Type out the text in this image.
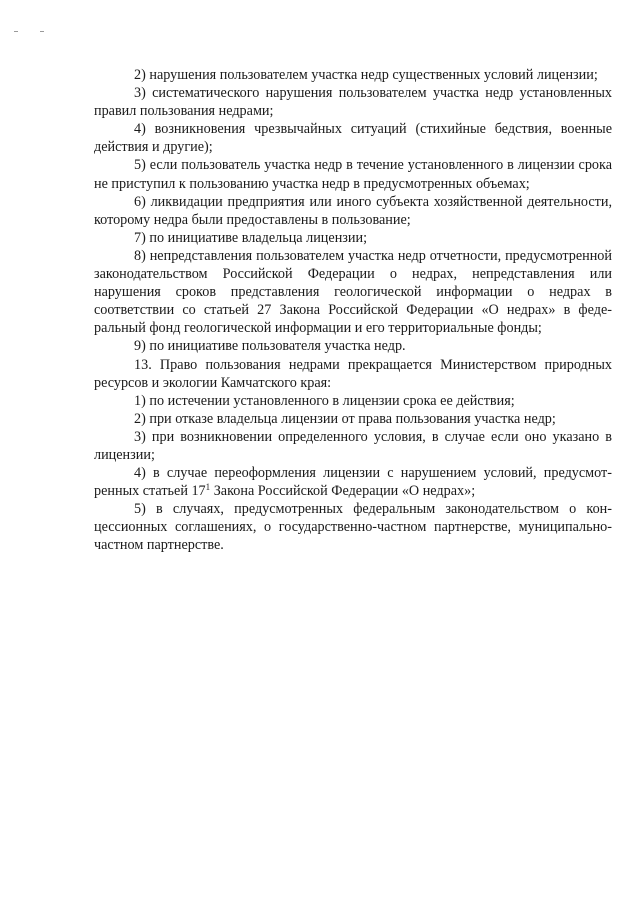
2) нарушения пользователем участка недр существенных условий лицензии;

3) систематического нарушения пользователем участка недр установленных правил пользования недрами;

4) возникновения чрезвычайных ситуаций (стихийные бедствия, военные действия и другие);

5) если пользователь участка недр в течение установленного в лицензии срока не приступил к пользованию участка недр в предусмотренных объемах;

6) ликвидации предприятия или иного субъекта хозяйственной деятельности, которому недра были предоставлены в пользование;

7) по инициативе владельца лицензии;

8) непредставления пользователем участка недр отчетности, предусмотренной законодательством Российской Федерации о недрах, непредставления или нарушения сроков представления геологической информации о недрах в соответствии со статьей 27 Закона Российской Федерации «О недрах» в федеральный фонд геологической информации и его территориальные фонды;

9) по инициативе пользователя участка недр.

13. Право пользования недрами прекращается Министерством природных ресурсов и экологии Камчатского края:

1) по истечении установленного в лицензии срока ее действия;

2) при отказе владельца лицензии от права пользования участка недр;

3) при возникновении определенного условия, в случае если оно указано в лицензии;

4) в случае переоформления лицензии с нарушением условий, предусмотренных статьей $17^1$ Закона Российской Федерации «О недрах»;

5) в случаях, предусмотренных федеральным законодательством о концессионных соглашениях, о государственно-частном партнерстве, муниципально-частном партнерстве.
